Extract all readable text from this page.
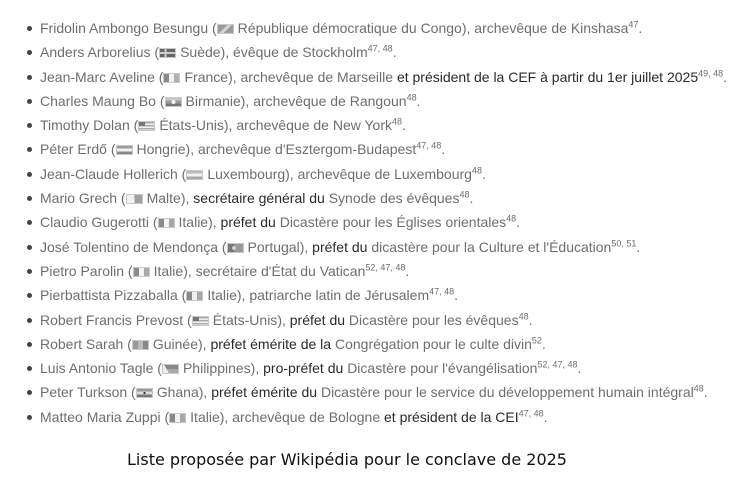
Fridolin Ambongo Besungu ( République démocratique du Congo), archevêque de Kinshasa$^{47}$.
Anders Arborelius ( Suède), évêque de Stockholm$^{47, 48}$.
Jean-Marc Aveline ( France), archevêque de Marseille et président de la CEF à partir du 1er juillet 2025$^{49, 48}$.
Charles Maung Bo ( Birmanie), archevêque de Rangoun$^{48}$.
Timothy Dolan ( États-Unis), archevêque de New York$^{48}$.
Péter Erdő ( Hongrie), archevêque d'Esztergom-Budapest$^{47, 48}$.
Jean-Claude Hollerich ( Luxembourg), archevêque de Luxembourg$^{48}$.
Mario Grech ( Malte), secrétaire général du Synode des évêques$^{48}$.
Claudio Gugerotti ( Italie), préfet du Dicastère pour les Églises orientales$^{48}$.
José Tolentino de Mendonça ( Portugal), préfet du dicastère pour la Culture et l'Éducation$^{50, 51}$.
Pietro Parolin ( Italie), secrétaire d'État du Vatican$^{52, 47, 48}$.
Pierbattista Pizzaballa ( Italie), patriarche latin de Jérusalem$^{47, 48}$.
Robert Francis Prevost ( États-Unis), préfet du Dicastère pour les évêques$^{48}$.
Robert Sarah ( Guinée), préfet émérite de la Congrégation pour le culte divin$^{52}$.
Luis Antonio Tagle ( Philippines), pro-préfet du Dicastère pour l'évangélisation$^{52, 47, 48}$.
Peter Turkson ( Ghana), préfet émérite du Dicastère pour le service du développement humain intégral$^{48}$.
Matteo Maria Zuppi ( Italie), archevêque de Bologne et président de la CEI$^{47, 48}$.
Liste proposée par Wikipédia pour le conclave de 2025
